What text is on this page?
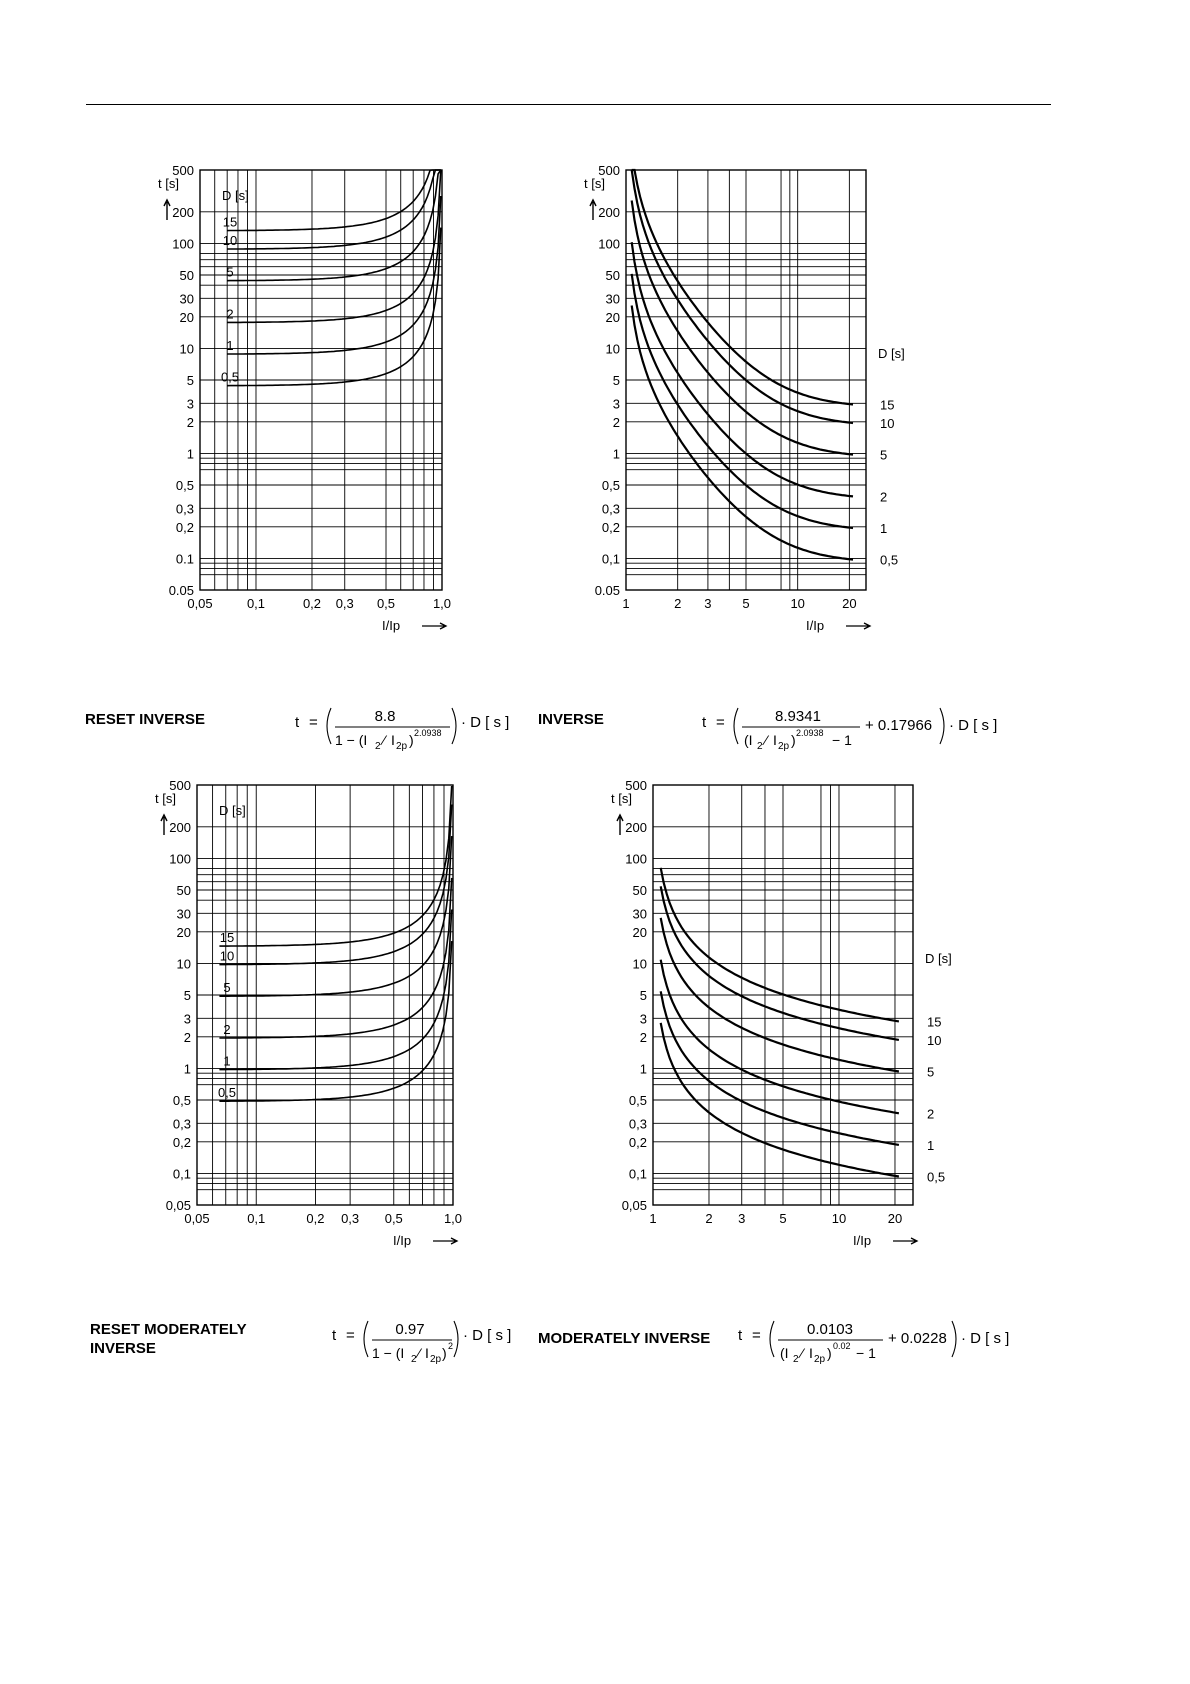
500
200
100
50
30
20
10
5
3
2
1
0,5
0,3
0,2
0.1
0.05
0,05	0,1	0,2 0,3 0,5	1,0
t [s]
I/Ip
D [s]
15
10
5
2
1
0,5
500
200
100
50
30
20
10
5
3
2
1
0,5
0,3
0,2
0,1
0.05
1	2 3 5	10	20
t [s]
I/Ip
D [s]
15
10
5
2
1
0,5
500
200
100
50
30
20
10
5
3
2
1
0,5
0,3
0,2
0,1
0,05
0,05	0,1	0,2 0,3 0,5	1,0
t [s]
I/Ip
D [s]
15
10
5
2
1
0,5
500
200
100
50
30
20
10
5
3
2
1
0,5
0,3
0,2
0,1
0,05
1	2 3	5	10	20
t [s]
I/Ip
D [s]
15
10
5
2
1
0,5
RESET INVERSE	INVERSE
RESET MODERATELY INVERSE
MODERATELY INVERSE
t =	8.8
1 − (I 2 ⁄ I 2p ) 2.0938
· D [ s ]	t =	8.9341
(I 2 ⁄ I 2p ) 2.0938 − 1
+ 0.17966 · D [ s ]
t =	0.97
1 − (I 2 ⁄ I 2p ) 2
· D [ s ]	t =	0.0103
(I 2 ⁄ I 2p ) 0.02 − 1
+ 0.0228 · D [ s ]
